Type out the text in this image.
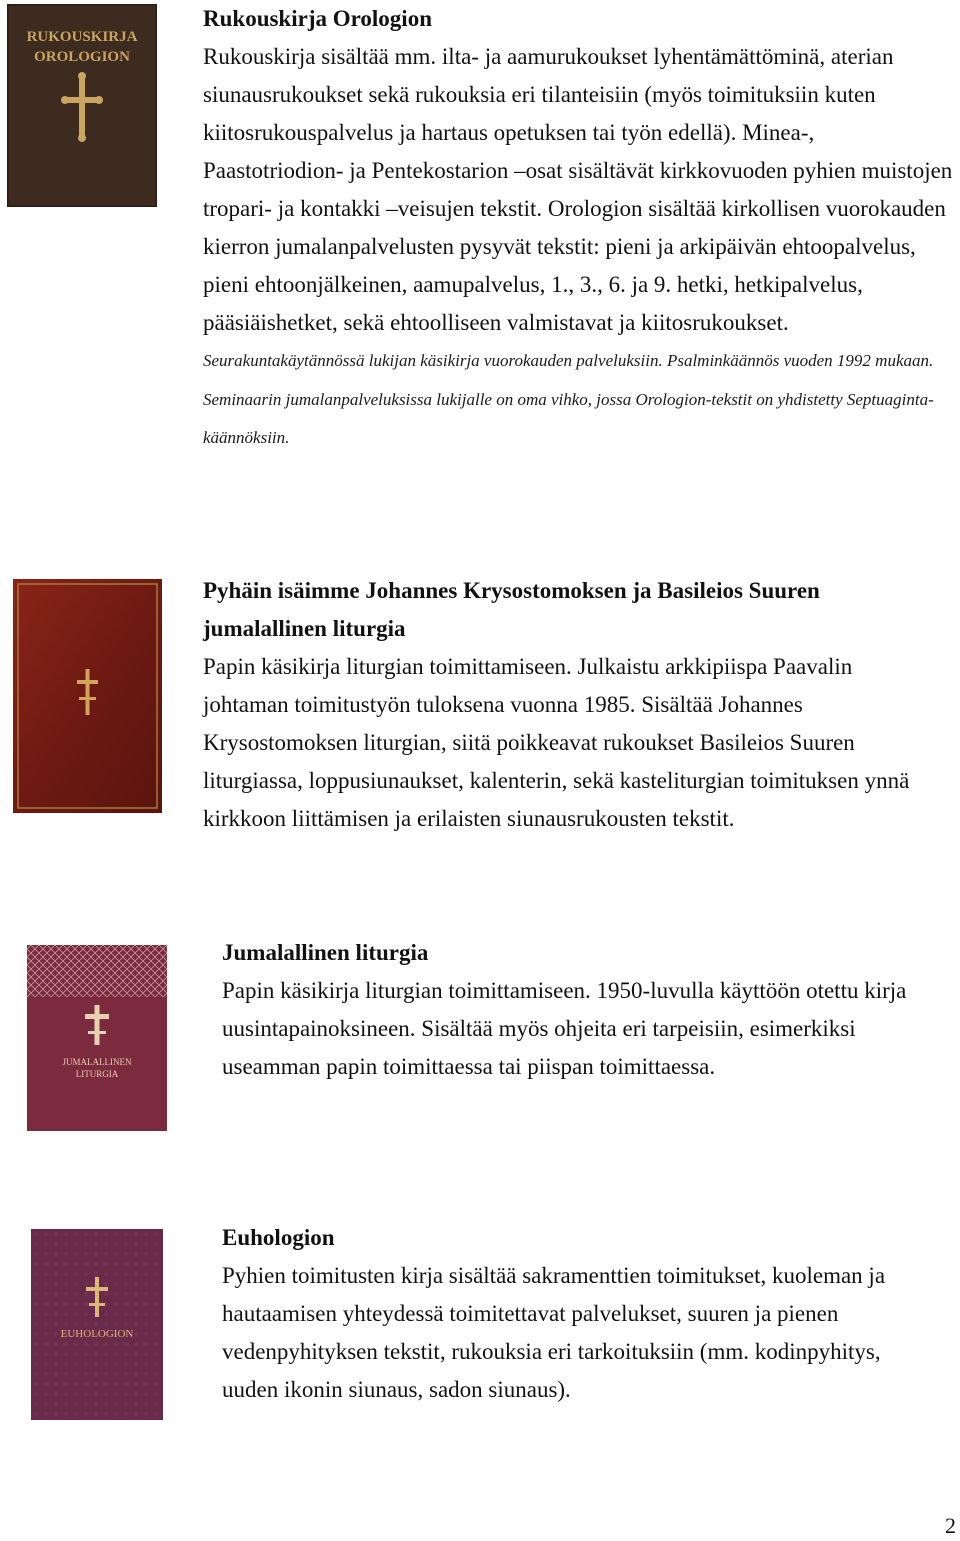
RUKOUSKIRJA
OROLOGION
Rukouskirja Orologion

Rukouskirja sisältää mm. ilta- ja aamurukoukset lyhentämättöminä, aterian siunausrukoukset sekä rukouksia eri tilanteisiin (myös toimituksiin kuten kiitosrukouspalvelus ja hartaus opetuksen tai työn edellä). Minea-, Paastotriodion- ja Pentekostarion –osat sisältävät kirkkovuoden pyhien muistojen tropari- ja kontakki –veisujen tekstit. Orologion sisältää kirkollisen vuorokauden kierron jumalanpalvelusten pysyvät tekstit: pieni ja arkipäivän ehtoopalvelus, pieni ehtoonjälkeinen, aamupalvelus, 1., 3., 6. ja 9. hetki, hetkipalvelus, pääsiäishetket, sekä ehtoolliseen valmistavat ja kiitosrukoukset.

Seurakuntakäytännössä lukijan käsikirja vuorokauden palveluksiin. Psalminkäännös vuoden 1992 mukaan. Seminaarin jumalanpalveluksissa lukijalle on oma vihko, jossa Orologion-tekstit on yhdistetty Septuaginta-käännöksiin.

Pyhäin isäimme Johannes Krysostomoksen ja Basileios Suuren jumalallinen liturgia

Papin käsikirja liturgian toimittamiseen. Julkaistu arkkipiispa Paavalin johtaman toimitustyön tuloksena vuonna 1985. Sisältää Johannes Krysostomoksen liturgian, siitä poikkeavat rukoukset Basileios Suuren liturgiassa, loppusiunaukset, kalenterin, sekä kasteliturgian toimituksen ynnä kirkkoon liittämisen ja erilaisten siunausrukousten tekstit.

JUMALALLINEN
LITURGIA
Jumalallinen liturgia

Papin käsikirja liturgian toimittamiseen. 1950-luvulla käyttöön otettu kirja uusintapainoksineen. Sisältää myös ohjeita eri tarpeisiin, esimerkiksi useamman papin toimittaessa tai piispan toimittaessa.

EUHOLOGION
Euhologion

Pyhien toimitusten kirja sisältää sakramenttien toimitukset, kuoleman ja hautaamisen yhteydessä toimitettavat palvelukset, suuren ja pienen vedenpyhityksen tekstit, rukouksia eri tarkoituksiin (mm. kodinpyhitys, uuden ikonin siunaus, sadon siunaus).

2
